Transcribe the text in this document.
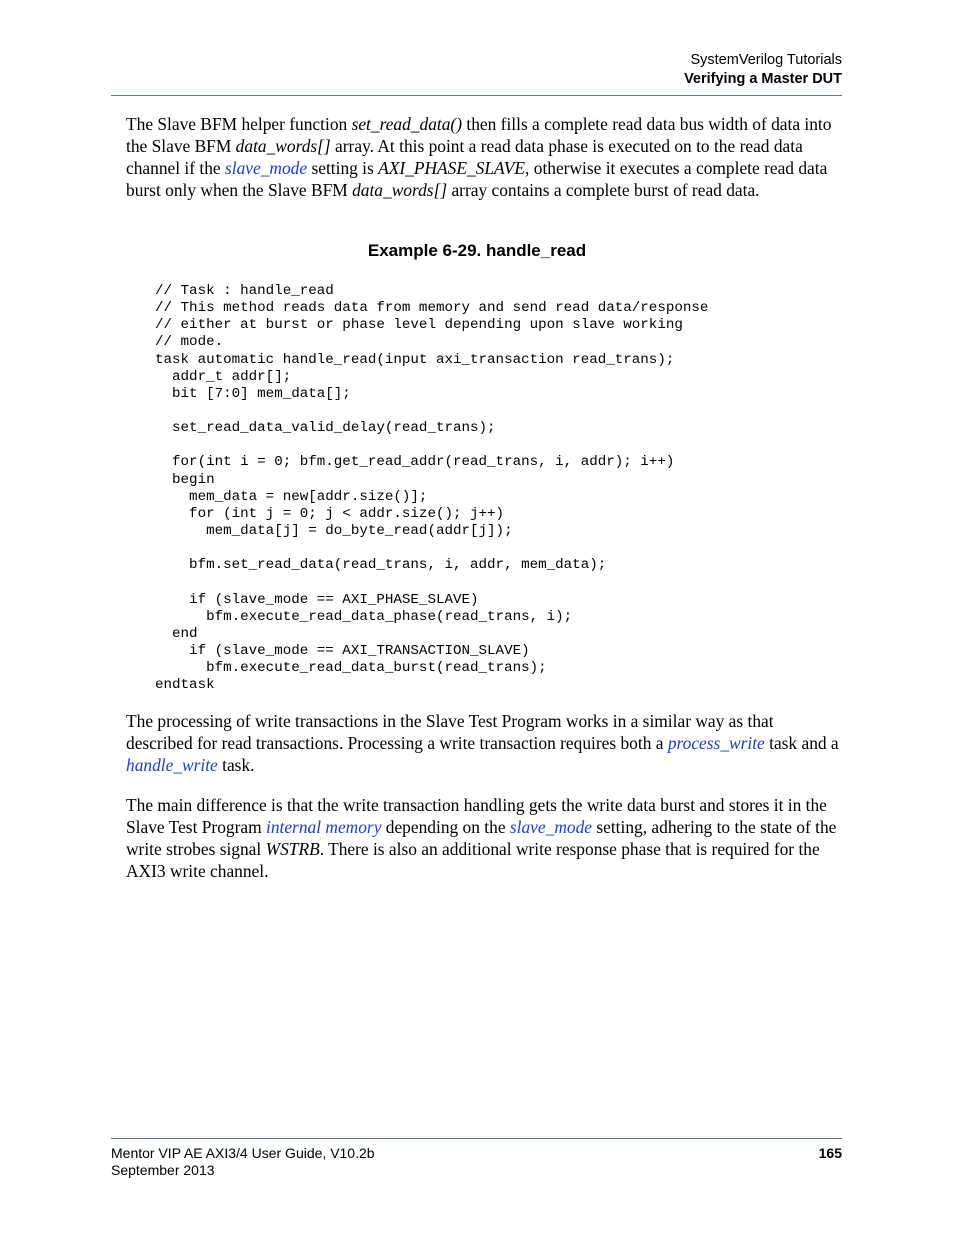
SystemVerilog Tutorials
Verifying a Master DUT

The Slave BFM helper function set_read_data() then fills a complete read data bus width of data into the Slave BFM data_words[] array. At this point a read data phase is executed on to the read data channel if the slave_mode setting is AXI_PHASE_SLAVE, otherwise it executes a complete read data burst only when the Slave BFM data_words[] array contains a complete burst of read data.

Example 6-29. handle_read
// Task : handle_read
// This method reads data from memory and send read data/response
// either at burst or phase level depending upon slave working
// mode.
task automatic handle_read(input axi_transaction read_trans);
addr_t addr[];
bit [7:0] mem_data[];
set_read_data_valid_delay(read_trans);
for(int i = 0; bfm.get_read_addr(read_trans, i, addr); i++)
begin
mem_data = new[addr.size()];
for (int j = 0; j < addr.size(); j++)
mem_data[j] = do_byte_read(addr[j]);
bfm.set_read_data(read_trans, i, addr, mem_data);
if (slave_mode == AXI_PHASE_SLAVE)
bfm.execute_read_data_phase(read_trans, i);
end
if (slave_mode == AXI_TRANSACTION_SLAVE)
bfm.execute_read_data_burst(read_trans);
endtask

The processing of write transactions in the Slave Test Program works in a similar way as that described for read transactions. Processing a write transaction requires both a process_write task and a handle_write task.

The main difference is that the write transaction handling gets the write data burst and stores it in the Slave Test Program internal memory depending on the slave_mode setting, adhering to the state of the write strobes signal WSTRB. There is also an additional write response phase that is required for the AXI3 write channel.

Mentor VIP AE AXI3/4 User Guide, V10.2b
September 2013
165
